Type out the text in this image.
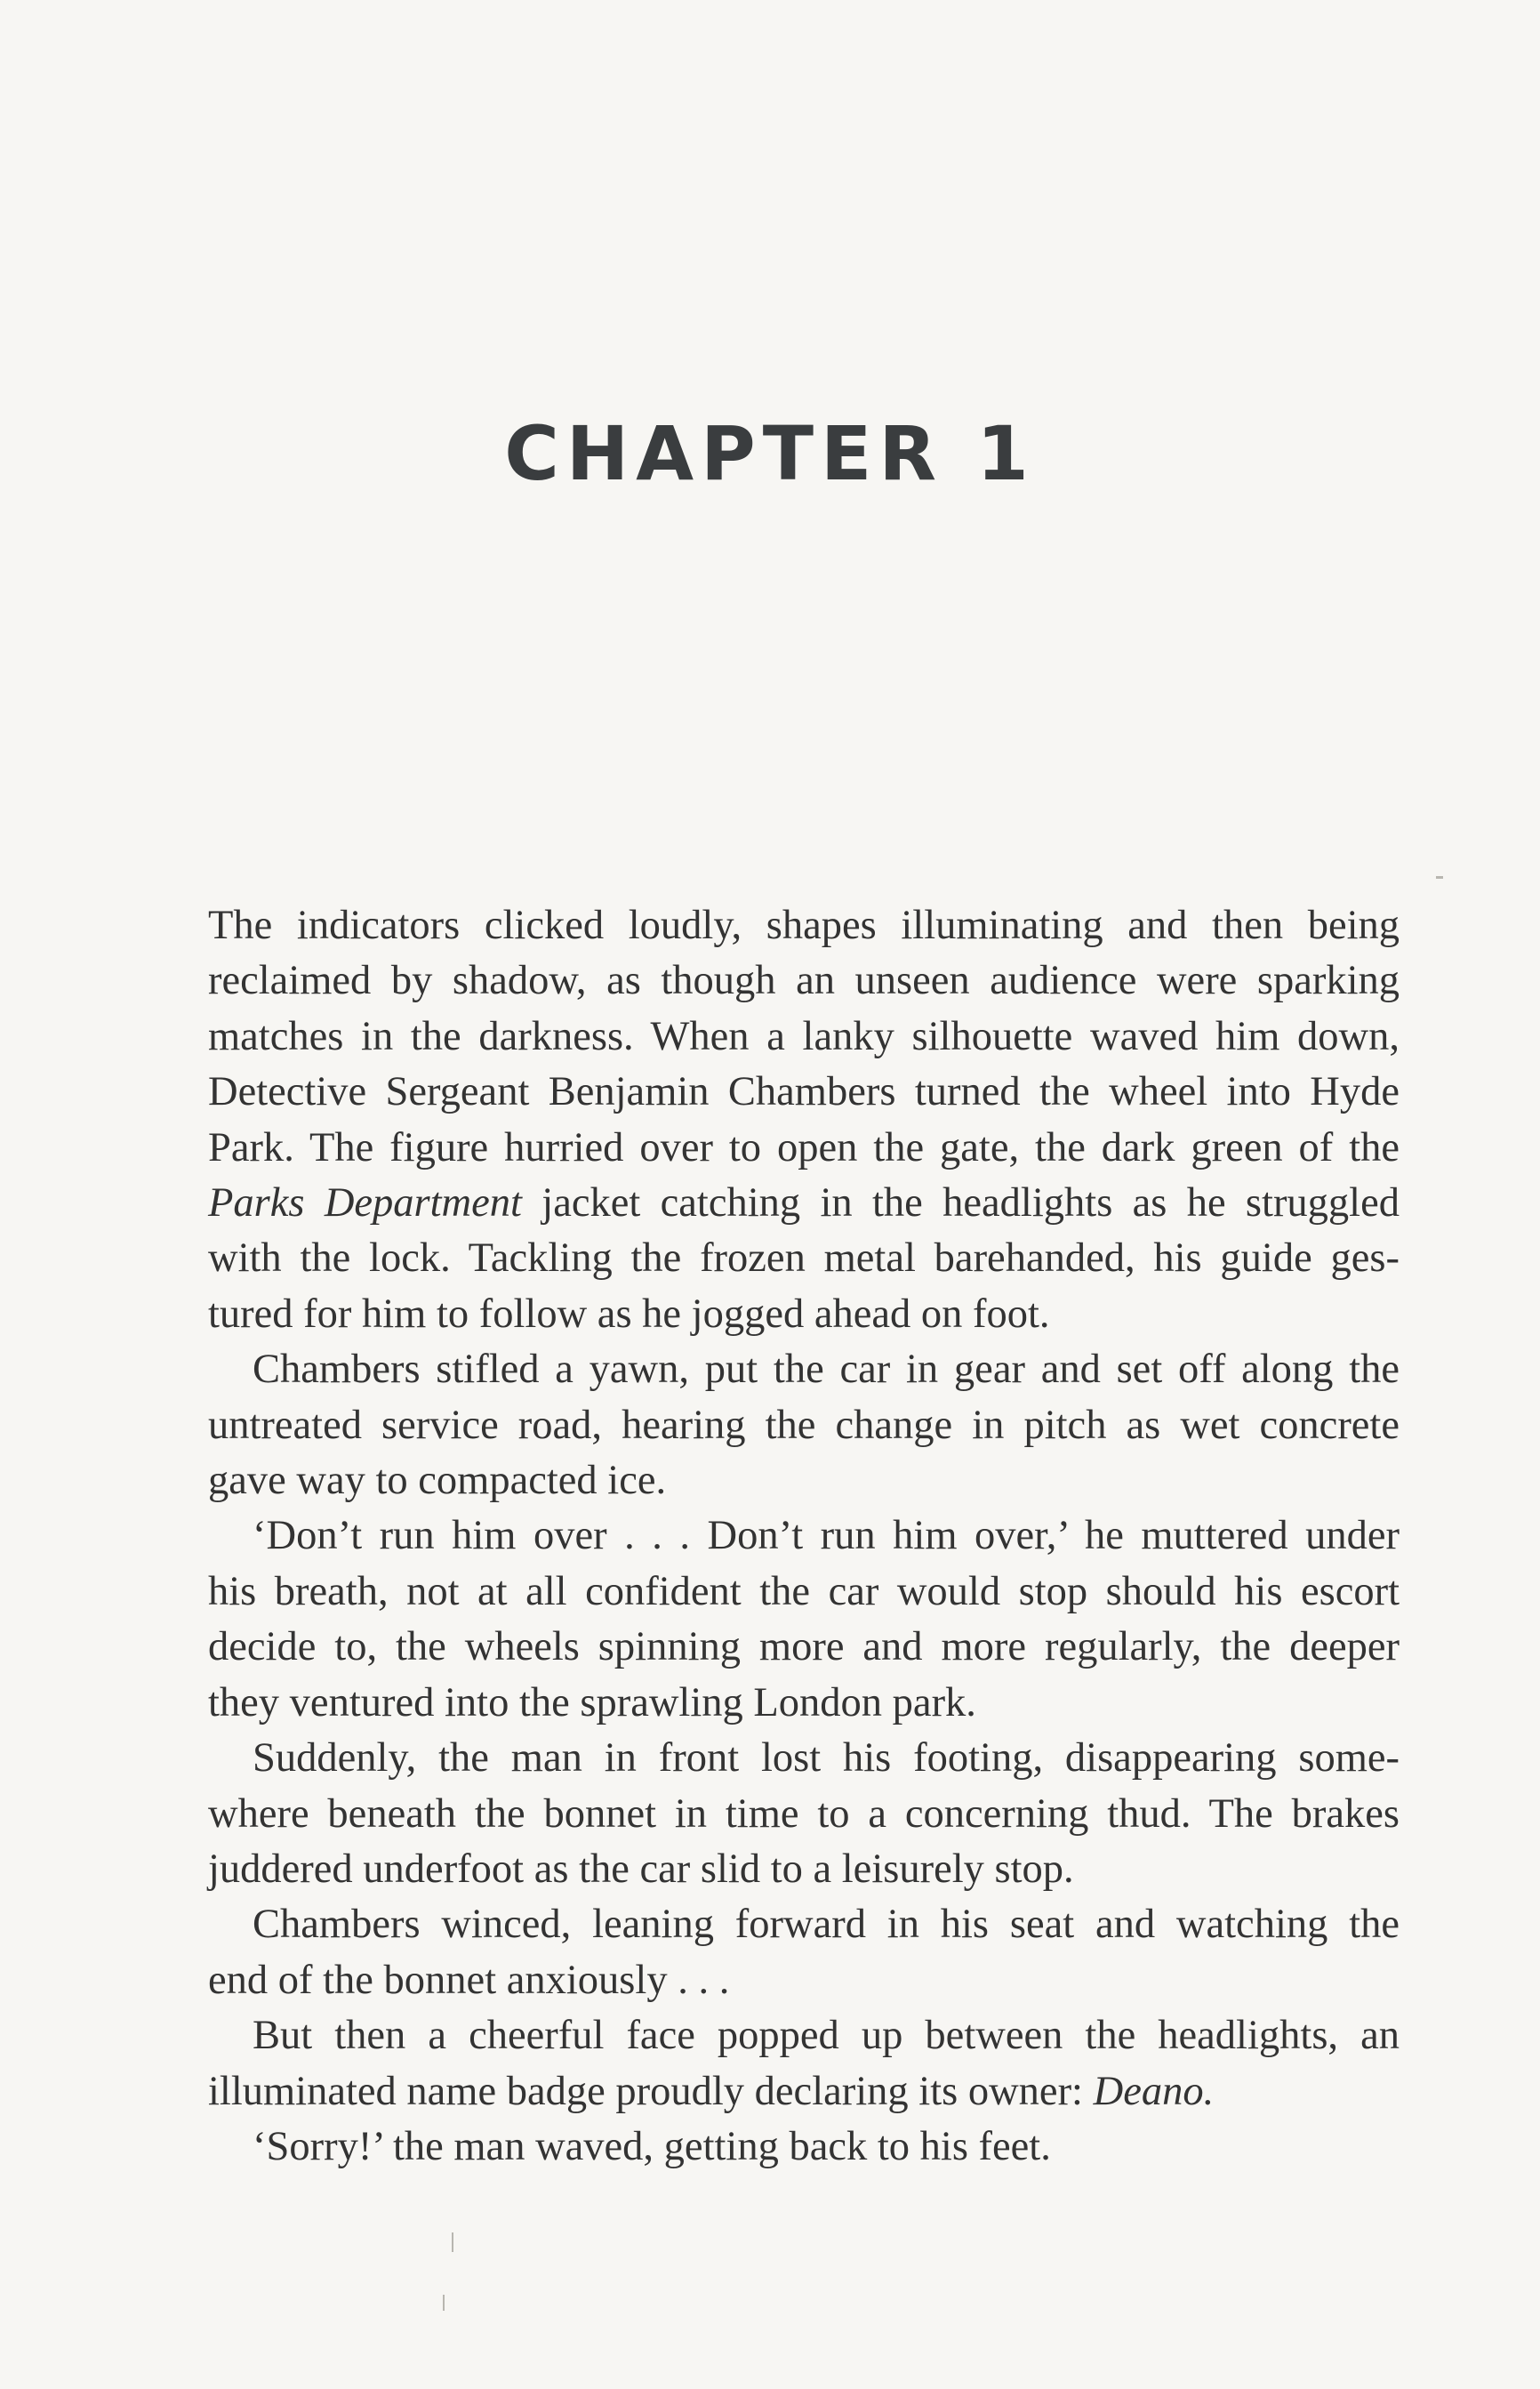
CHAPTER 1
The indicators clicked loudly, shapes illuminating and then being
reclaimed by shadow, as though an unseen audience were sparking
matches in the darkness. When a lanky silhouette waved him down,
Detective Sergeant Benjamin Chambers turned the wheel into Hyde
Park. The figure hurried over to open the gate, the dark green of the
Parks Department jacket catching in the headlights as he struggled
with the lock. Tackling the frozen metal barehanded, his guide ges-
tured for him to follow as he jogged ahead on foot.
Chambers stifled a yawn, put the car in gear and set off along the
untreated service road, hearing the change in pitch as wet concrete
gave way to compacted ice.
‘Don’t run him over . . . Don’t run him over,’ he muttered under
his breath, not at all confident the car would stop should his escort
decide to, the wheels spinning more and more regularly, the deeper
they ventured into the sprawling London park.
Suddenly, the man in front lost his footing, disappearing some-
where beneath the bonnet in time to a concerning thud. The brakes
juddered underfoot as the car slid to a leisurely stop.
Chambers winced, leaning forward in his seat and watching the
end of the bonnet anxiously . . .
But then a cheerful face popped up between the headlights, an
illuminated name badge proudly declaring its owner: Deano.
‘Sorry!’ the man waved, getting back to his feet.
